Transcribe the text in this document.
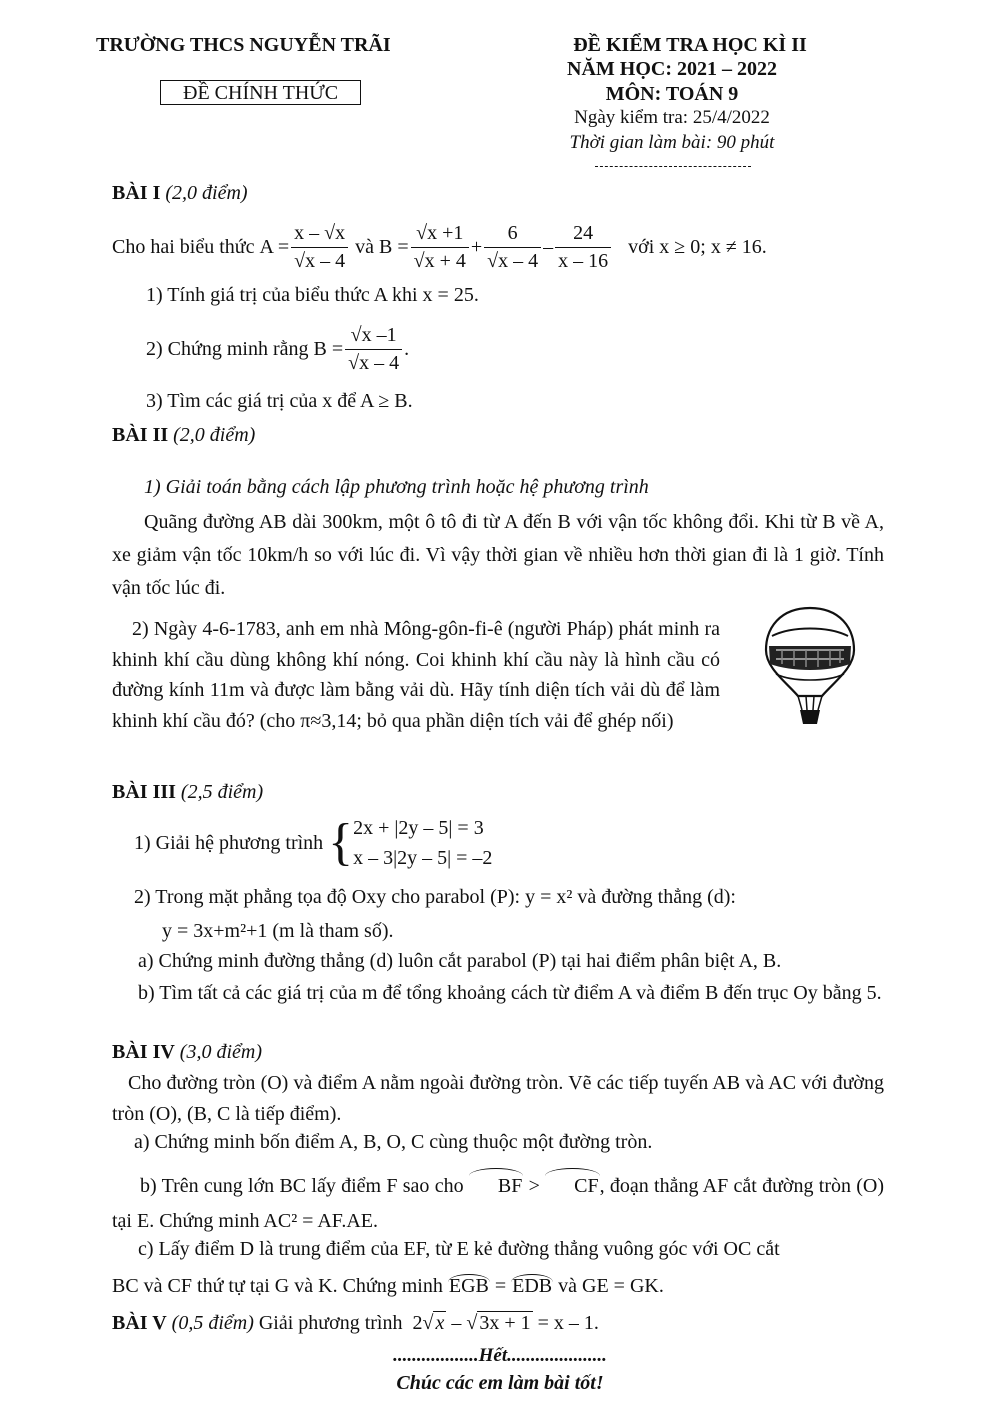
TRƯỜNG THCS NGUYỄN TRÃI
ĐỀ CHÍNH THỨC
ĐỀ KIỂM TRA HỌC KÌ II
NĂM HỌC: 2021 – 2022
MÔN: TOÁN 9
Ngày kiểm tra: 25/4/2022
Thời gian làm bài: 90 phút
BÀI I (2,0 điểm)
Cho hai biểu thức
$A = \frac{x - √x}{√x - 4}$
và
$B = \frac{√x +1}{√x + 4} + \frac{6}{√x - 4} - \frac{24}{x - 16}$
với
x ≥ 0; x ≠ 16.
1) Tính giá trị của biểu thức A khi x = 25.
2) Chứng minh rằng
$B = \frac{√x -1}{√x - 4}$ .
3) Tìm các giá trị của x để A ≥ B.
BÀI II (2,0 điểm)
1) Giải toán bằng cách lập phương trình hoặc hệ phương trình
Quãng đường AB dài 300km, một ô tô đi từ A đến B với vận tốc không đổi. Khi từ B về A, xe giảm vận tốc 10km/h so với lúc đi. Vì vậy thời gian về nhiều hơn thời gian đi là 1 giờ. Tính vận tốc lúc đi.
2) Ngày 4-6-1783, anh em nhà Mông-gôn-fi-ê (người Pháp) phát minh ra khinh khí cầu dùng không khí nóng. Coi khinh khí cầu này là hình cầu có đường kính 11m và được làm bằng vải dù. Hãy tính diện tích vải dù để làm khinh khí cầu đó? (cho π≈3,14; bỏ qua phần diện tích vải để ghép nối)
BÀI III (2,5 điểm)
1) Giải hệ phương trình
{ 2x + |2y – 5| = 3
x – 3|2y – 5| = –2
2) Trong mặt phẳng tọa độ Oxy cho parabol (P): y = x² và đường thẳng (d):
y = 3x+m²+1 (m là tham số).
a) Chứng minh đường thẳng (d) luôn cắt parabol (P) tại hai điểm phân biệt A, B.
b) Tìm tất cả các giá trị của m để tổng khoảng cách từ điểm A và điểm B đến trục Oy bằng 5.
BÀI IV (3,0 điểm)
Cho đường tròn (O) và điểm A nằm ngoài đường tròn. Vẽ các tiếp tuyến AB và AC với đường tròn (O), (B, C là tiếp điểm).
a) Chứng minh bốn điểm A, B, O, C cùng thuộc một đường tròn.
b) Trên cung lớn BC lấy điểm F sao cho BF > CF, đoạn thẳng AF cắt đường tròn (O) tại E. Chứng minh AC² = AF.AE.
c) Lấy điểm D là trung điểm của EF, từ E kẻ đường thẳng vuông góc với OC cắt
BC và CF thứ tự tại G và K. Chứng minh EGB = EDB và GE = GK.
BÀI V (0,5 điểm) Giải phương trình 2√ x – √ 3x + 1 = x – 1.
..................Hết.....................
Chúc các em làm bài tốt!
